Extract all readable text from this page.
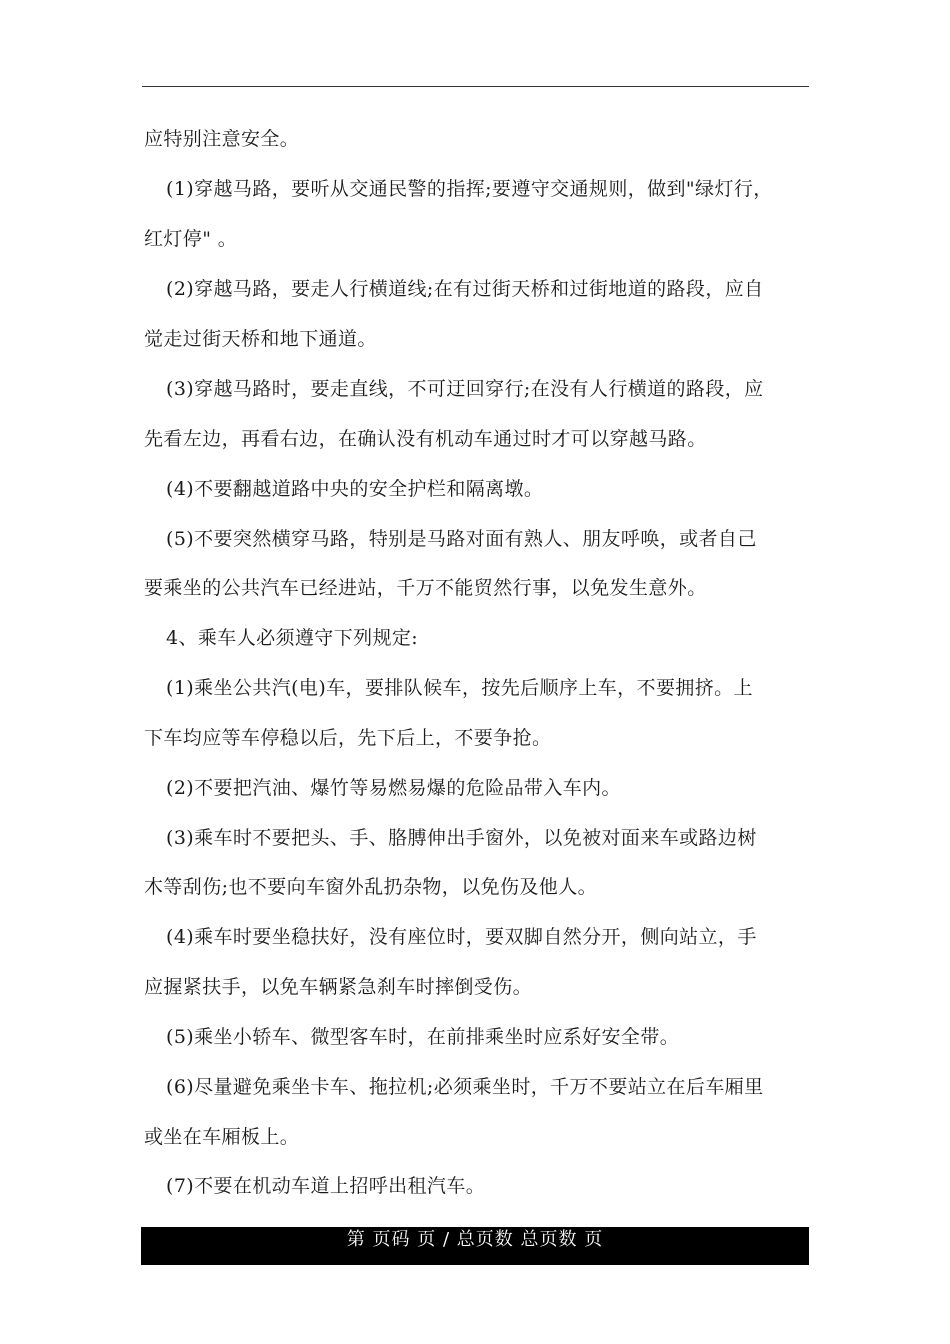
应特别注意安全。
(1)穿越马路，要听从交通民警的指挥;要遵守交通规则，做到"绿灯行，
红灯停" 。
(2)穿越马路，要走人行横道线;在有过街天桥和过街地道的路段，应自
觉走过街天桥和地下通道。
(3)穿越马路时，要走直线，不可迂回穿行;在没有人行横道的路段，应
先看左边，再看右边，在确认没有机动车通过时才可以穿越马路。
(4)不要翻越道路中央的安全护栏和隔离墩。
(5)不要突然横穿马路，特别是马路对面有熟人、朋友呼唤，或者自己
要乘坐的公共汽车已经进站，千万不能贸然行事，以免发生意外。
4、乘车人必须遵守下列规定:
(1)乘坐公共汽(电)车，要排队候车，按先后顺序上车，不要拥挤。上
下车均应等车停稳以后，先下后上，不要争抢。
(2)不要把汽油、爆竹等易燃易爆的危险品带入车内。
(3)乘车时不要把头、手、胳膊伸出手窗外，以免被对面来车或路边树
木等刮伤;也不要向车窗外乱扔杂物，以免伤及他人。
(4)乘车时要坐稳扶好，没有座位时，要双脚自然分开，侧向站立，手
应握紧扶手，以免车辆紧急刹车时摔倒受伤。
(5)乘坐小轿车、微型客车时，在前排乘坐时应系好安全带。
(6)尽量避免乘坐卡车、拖拉机;必须乘坐时，千万不要站立在后车厢里
或坐在车厢板上。
(7)不要在机动车道上招呼出租汽车。
第 页码 页 / 总页数 总页数 页
